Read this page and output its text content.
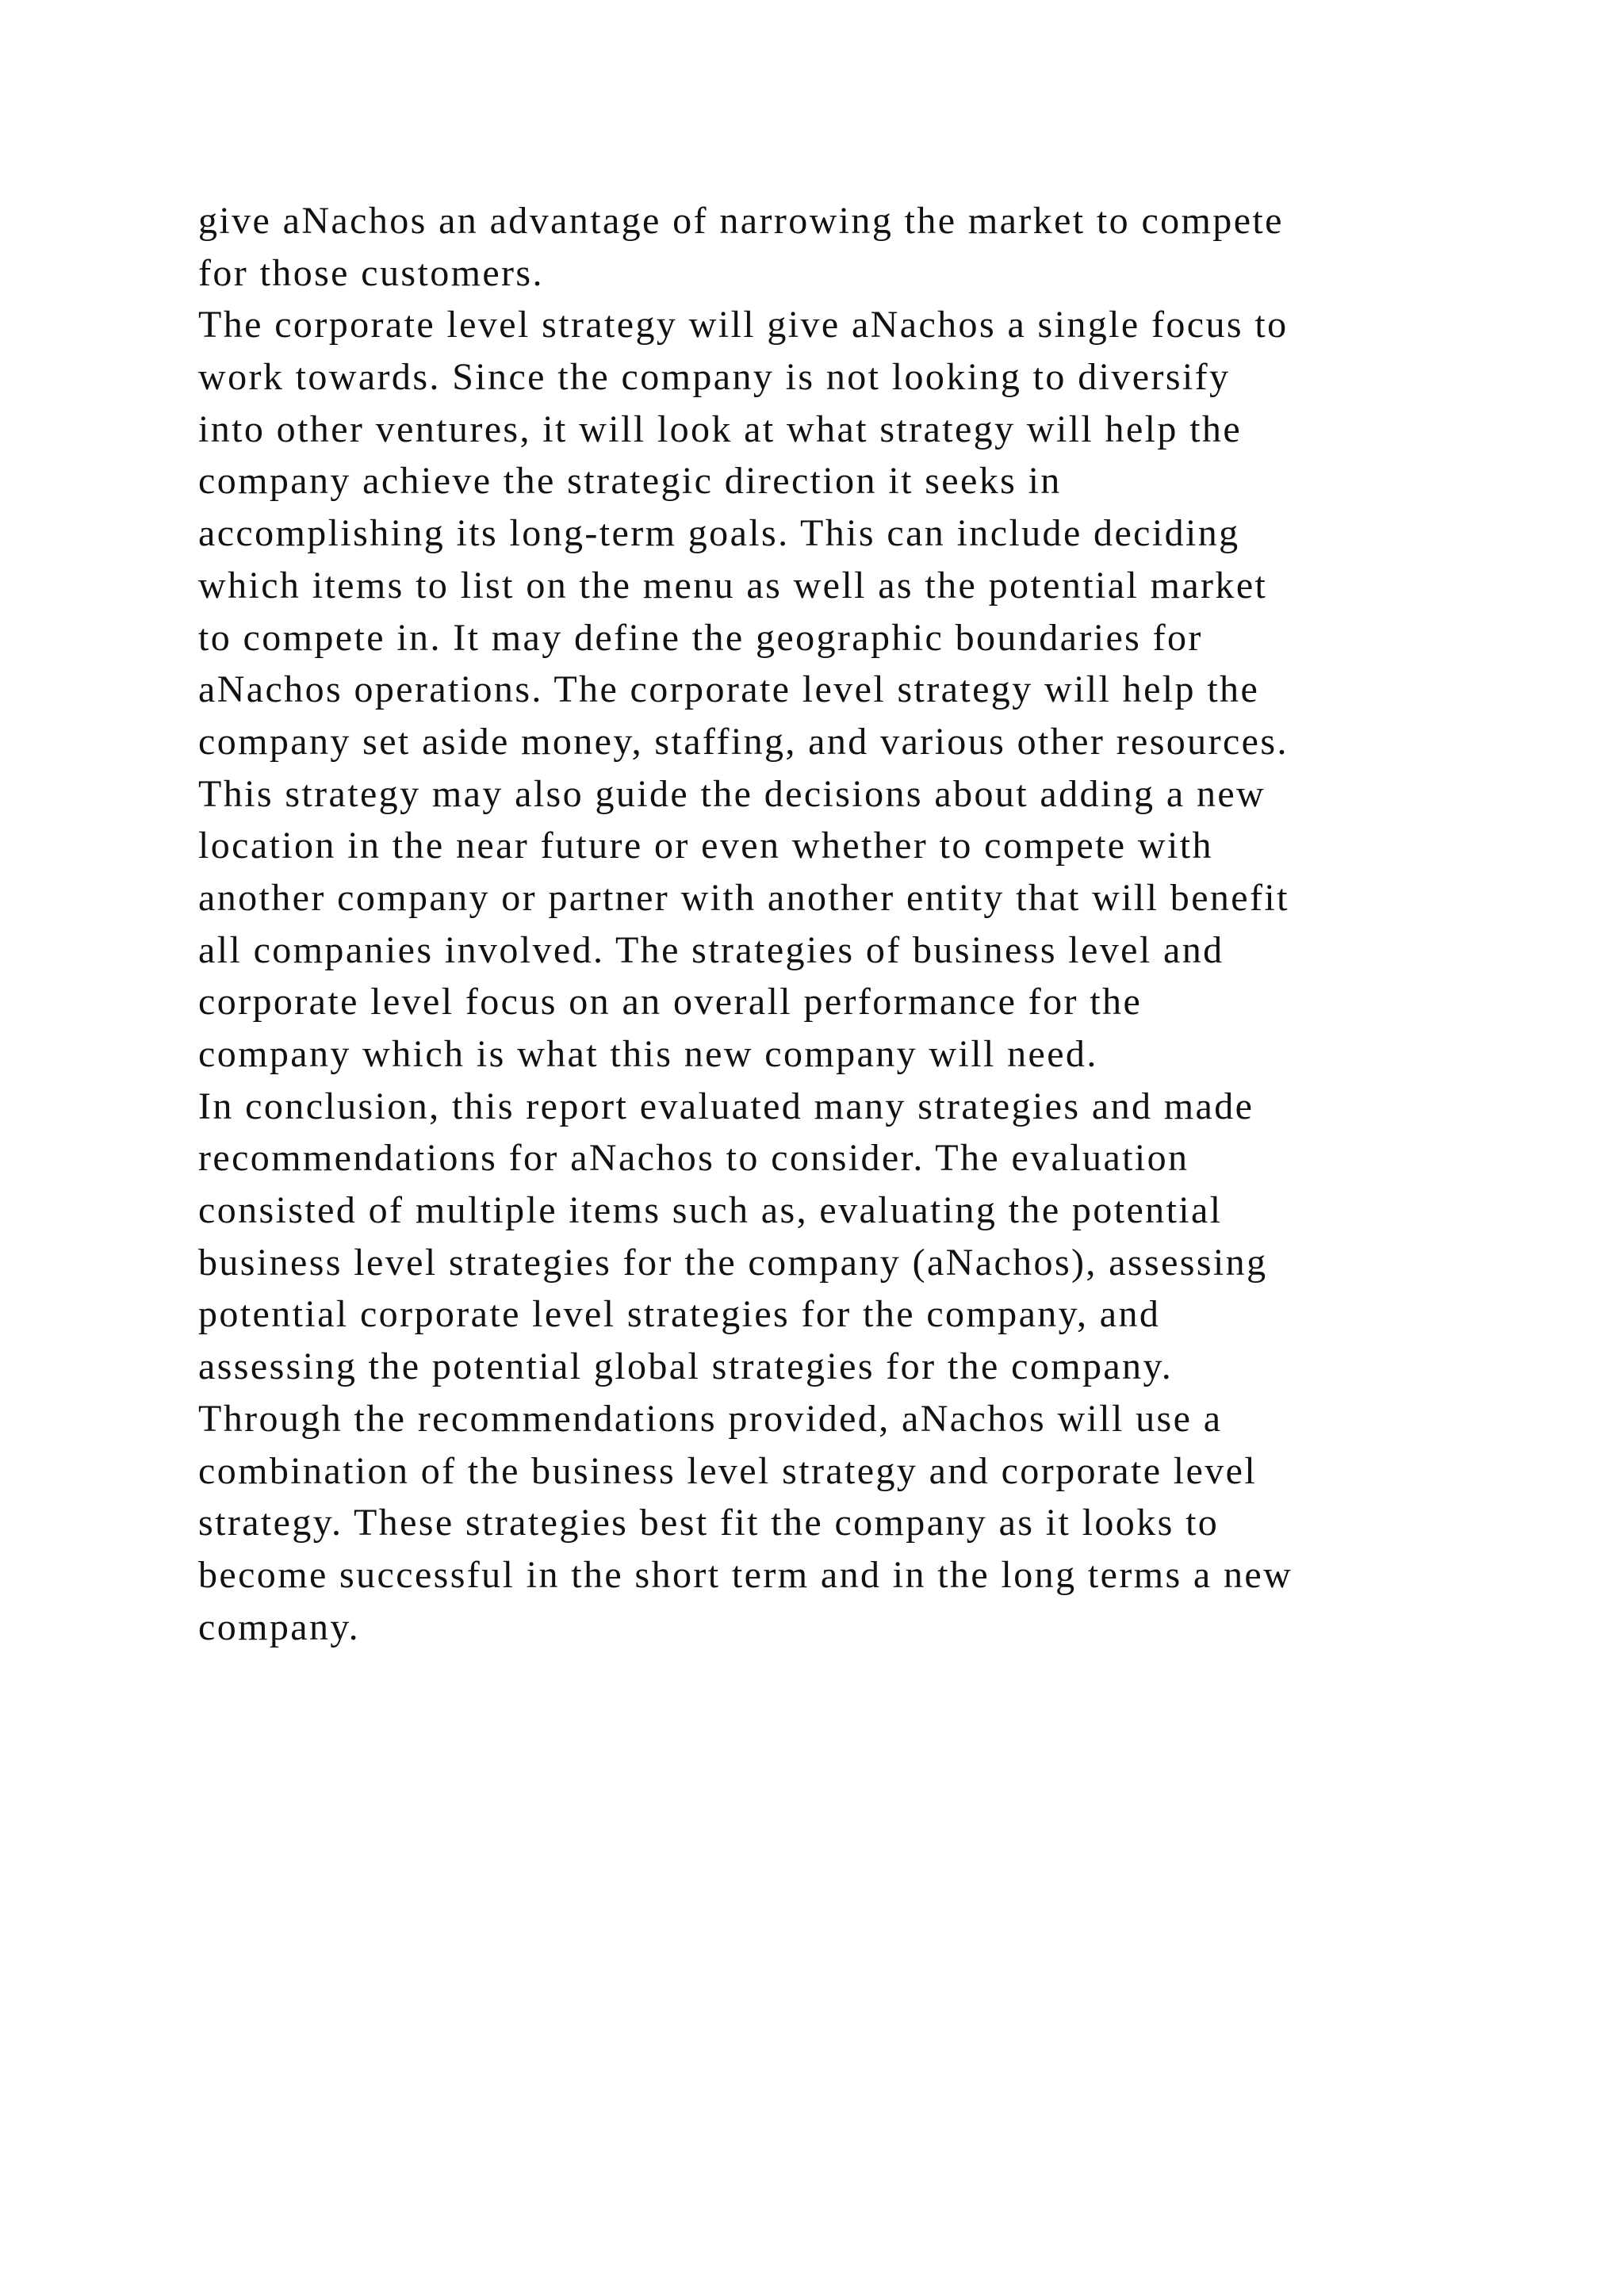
give aNachos an advantage of narrowing the market to compete
for those customers.
The corporate level strategy will give aNachos a single focus to
work towards. Since the company is not looking to diversify
into other ventures, it will look at what strategy will help the
company achieve the strategic direction it seeks in
accomplishing its long-term goals. This can include deciding
which items to list on the menu as well as the potential market
to compete in. It may define the geographic boundaries for
aNachos operations. The corporate level strategy will help the
company set aside money, staffing, and various other resources.
This strategy may also guide the decisions about adding a new
location in the near future or even whether to compete with
another company or partner with another entity that will benefit
all companies involved. The strategies of business level and
corporate level focus on an overall performance for the
company which is what this new company will need.
In conclusion, this report evaluated many strategies and made
recommendations for aNachos to consider. The evaluation
consisted of multiple items such as, evaluating the potential
business level strategies for the company (aNachos), assessing
potential corporate level strategies for the company, and
assessing the potential global strategies for the company.
Through the recommendations provided, aNachos will use a
combination of the business level strategy and corporate level
strategy. These strategies best fit the company as it looks to
become successful in the short term and in the long terms a new
company.
